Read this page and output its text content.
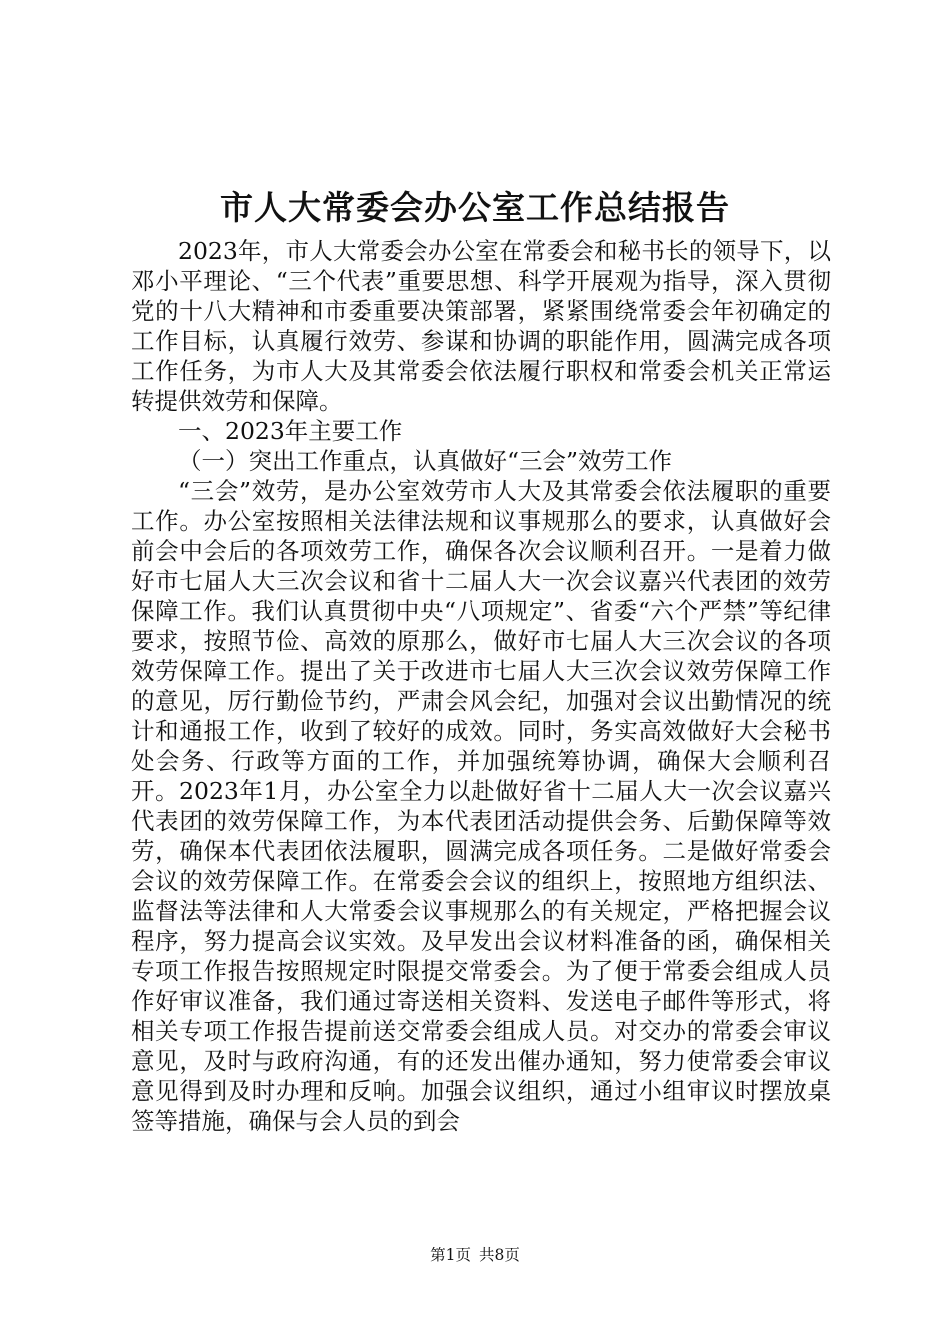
市人大常委会办公室工作总结报告

2023年，市人大常委会办公室在常委会和秘书长的领导下，以邓小平理论、“三个代表”重要思想、科学开展观为指导，深入贯彻党的十八大精神和市委重要决策部署，紧紧围绕常委会年初确定的工作目标，认真履行效劳、参谋和协调的职能作用，圆满完成各项工作任务，为市人大及其常委会依法履行职权和常委会机关正常运转提供效劳和保障。

一、2023年主要工作

（一）突出工作重点，认真做好“三会”效劳工作

“三会”效劳，是办公室效劳市人大及其常委会依法履职的重要工作。办公室按照相关法律法规和议事规那么的要求，认真做好会前会中会后的各项效劳工作，确保各次会议顺利召开。一是着力做好市七届人大三次会议和省十二届人大一次会议嘉兴代表团的效劳保障工作。我们认真贯彻中央“八项规定”、省委“六个严禁”等纪律要求，按照节俭、高效的原那么，做好市七届人大三次会议的各项效劳保障工作。提出了关于改进市七届人大三次会议效劳保障工作的意见，厉行勤俭节约，严肃会风会纪，加强对会议出勤情况的统计和通报工作，收到了较好的成效。同时，务实高效做好大会秘书处会务、行政等方面的工作，并加强统筹协调，确保大会顺利召开。2023年1月，办公室全力以赴做好省十二届人大一次会议嘉兴代表团的效劳保障工作，为本代表团活动提供会务、后勤保障等效劳，确保本代表团依法履职，圆满完成各项任务。二是做好常委会会议的效劳保障工作。在常委会会议的组织上，按照地方组织法、监督法等法律和人大常委会议事规那么的有关规定，严格把握会议程序，努力提高会议实效。及早发出会议材料准备的函，确保相关专项工作报告按照规定时限提交常委会。为了便于常委会组成人员作好审议准备，我们通过寄送相关资料、发送电子邮件等形式，将相关专项工作报告提前送交常委会组成人员。对交办的常委会审议意见，及时与政府沟通，有的还发出催办通知，努力使常委会审议意见得到及时办理和反响。加强会议组织，通过小组审议时摆放桌签等措施，确保与会人员的到会

第1页 共8页
